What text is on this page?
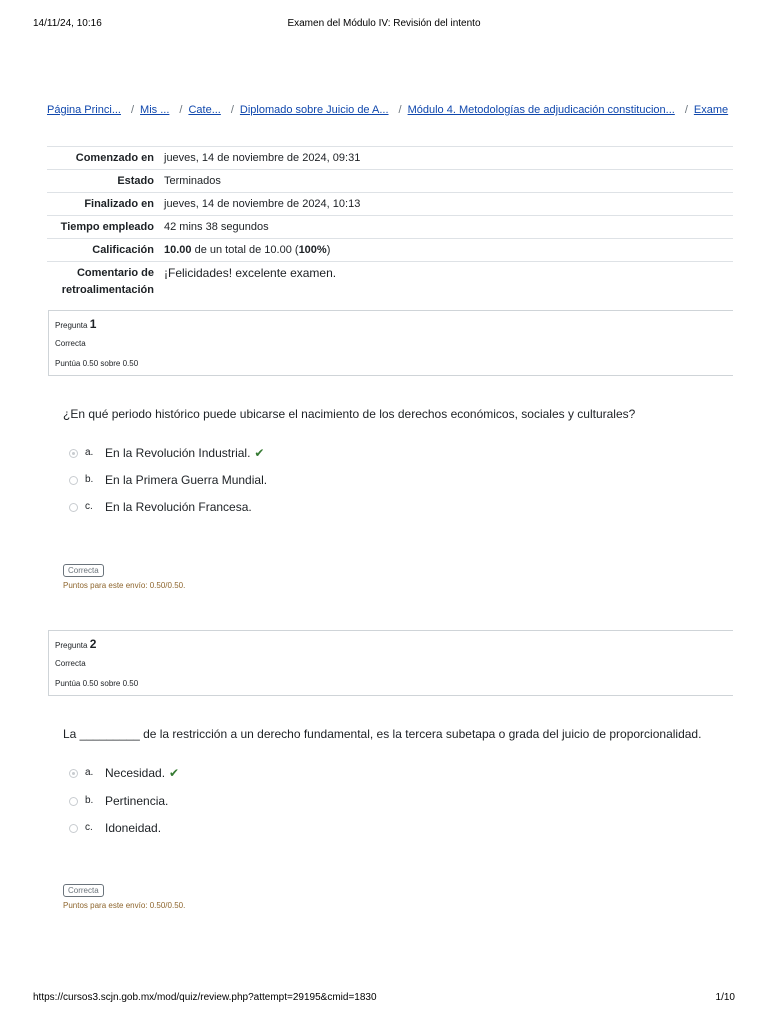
14/11/24, 10:16	Examen del Módulo IV: Revisión del intento
Página Princi... / Mis ... / Cate... / Diplomado sobre Juicio de A... / Módulo 4. Metodologías de adjudicación constitucion... / Exame
Comenzado en	jueves, 14 de noviembre de 2024, 09:31
Estado	Terminados
Finalizado en	jueves, 14 de noviembre de 2024, 10:13
Tiempo empleado	42 mins 38 segundos
Calificación	10.00 de un total de 10.00 (100%)
Comentario de retroalimentación	¡Felicidades! excelente examen.
Pregunta 1
Correcta
Puntúa 0.50 sobre 0.50
¿En qué periodo histórico puede ubicarse el nacimiento de los derechos económicos, sociales y culturales?
a. En la Revolución Industrial. ✔
b. En la Primera Guerra Mundial.
c. En la Revolución Francesa.
Correcta
Puntos para este envío: 0.50/0.50.
Pregunta 2
Correcta
Puntúa 0.50 sobre 0.50
La _________ de la restricción a un derecho fundamental, es la tercera subetapa o grada del juicio de proporcionalidad.
a. Necesidad. ✔
b. Pertinencia.
c. Idoneidad.
Correcta
Puntos para este envío: 0.50/0.50.
https://cursos3.scjn.gob.mx/mod/quiz/review.php?attempt=29195&cmid=1830	1/10
